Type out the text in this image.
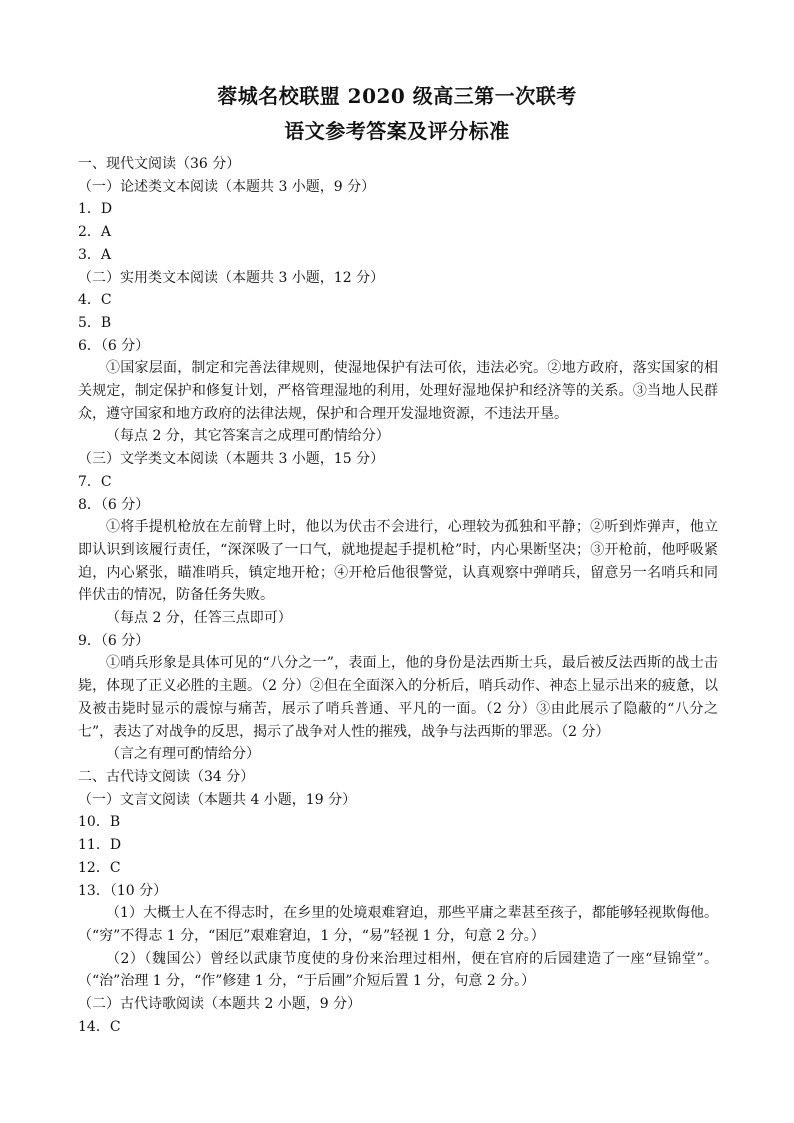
蓉城名校联盟 2020 级高三第一次联考
语文参考答案及评分标准
一、现代文阅读（36 分）
（一）论述类文本阅读（本题共 3 小题，9 分）
1．D
2．A
3．A
（二）实用类文本阅读（本题共 3 小题，12 分）
4．C
5．B
6．（6 分）
①国家层面，制定和完善法律规则，使湿地保护有法可依，违法必究。②地方政府，落实国家的相关规定，制定保护和修复计划，严格管理湿地的利用，处理好湿地保护和经济等的关系。③当地人民群众，遵守国家和地方政府的法律法规，保护和合理开发湿地资源，不违法开垦。
（每点 2 分，其它答案言之成理可酌情给分）
（三）文学类文本阅读（本题共 3 小题，15 分）
7．C
8．（6 分）
①将手提机枪放在左前臂上时，他以为伏击不会进行，心理较为孤独和平静；②听到炸弹声，他立即认识到该履行责任，“深深吸了一口气，就地提起手提机枪”时，内心果断坚决；③开枪前，他呼吸紧迫，内心紧张，瞄准哨兵，镇定地开枪；④开枪后他很警觉，认真观察中弹哨兵，留意另一名哨兵和同伴伏击的情况，防备任务失败。
（每点 2 分，任答三点即可）
9．（6 分）
①哨兵形象是具体可见的“八分之一”，表面上，他的身份是法西斯士兵，最后被反法西斯的战士击毙，体现了正义必胜的主题。（2 分）②但在全面深入的分析后，哨兵动作、神态上显示出来的疲惫，以及被击毙时显示的震惊与痛苦，展示了哨兵普通、平凡的一面。（2 分）③由此展示了隐蔽的“八分之七”，表达了对战争的反思，揭示了战争对人性的摧残，战争与法西斯的罪恶。（2 分）
（言之有理可酌情给分）
二、古代诗文阅读（34 分）
（一）文言文阅读（本题共 4 小题，19 分）
10．B
11．D
12．C
13．（10 分）
（1）大概士人在不得志时，在乡里的处境艰难窘迫，那些平庸之辈甚至孩子，都能够轻视欺侮他。（“穷”不得志 1 分，“困厄”艰难窘迫，1 分，“易”轻视 1 分，句意 2 分。）
（2）（魏国公）曾经以武康节度使的身份来治理过相州，便在官府的后园建造了一座“昼锦堂”。（“治”治理 1 分，“作”修建 1 分，“于后圃”介短后置 1 分，句意 2 分。）
（二）古代诗歌阅读（本题共 2 小题，9 分）
14．C
